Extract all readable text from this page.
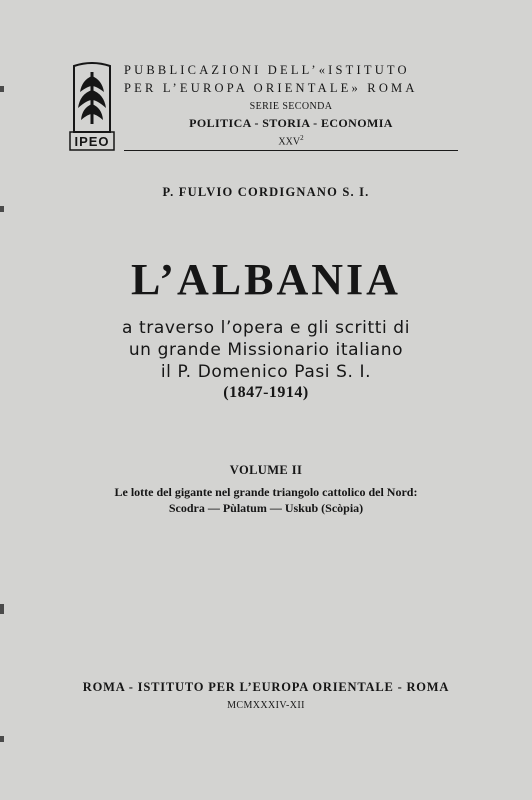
IPEO
PUBBLICAZIONI DELL’«ISTITUTO
PER L’EUROPA ORIENTALE» ROMA
SERIE SECONDA
POLITICA - STORIA - ECONOMIA
XXV$^2$
P. FULVIO CORDIGNANO S. I.
L’ALBANIA
a traverso l’opera e gli scritti di
un grande Missionario italiano
il P. Domenico Pasi S. I.
(1847-1914)
VOLUME II
Le lotte del gigante nel grande triangolo cattolico del Nord:
Scodra — Pùlatum — Uskub (Scòpia)
ROMA - ISTITUTO PER L’EUROPA ORIENTALE - ROMA
MCMXXXIV-XII
